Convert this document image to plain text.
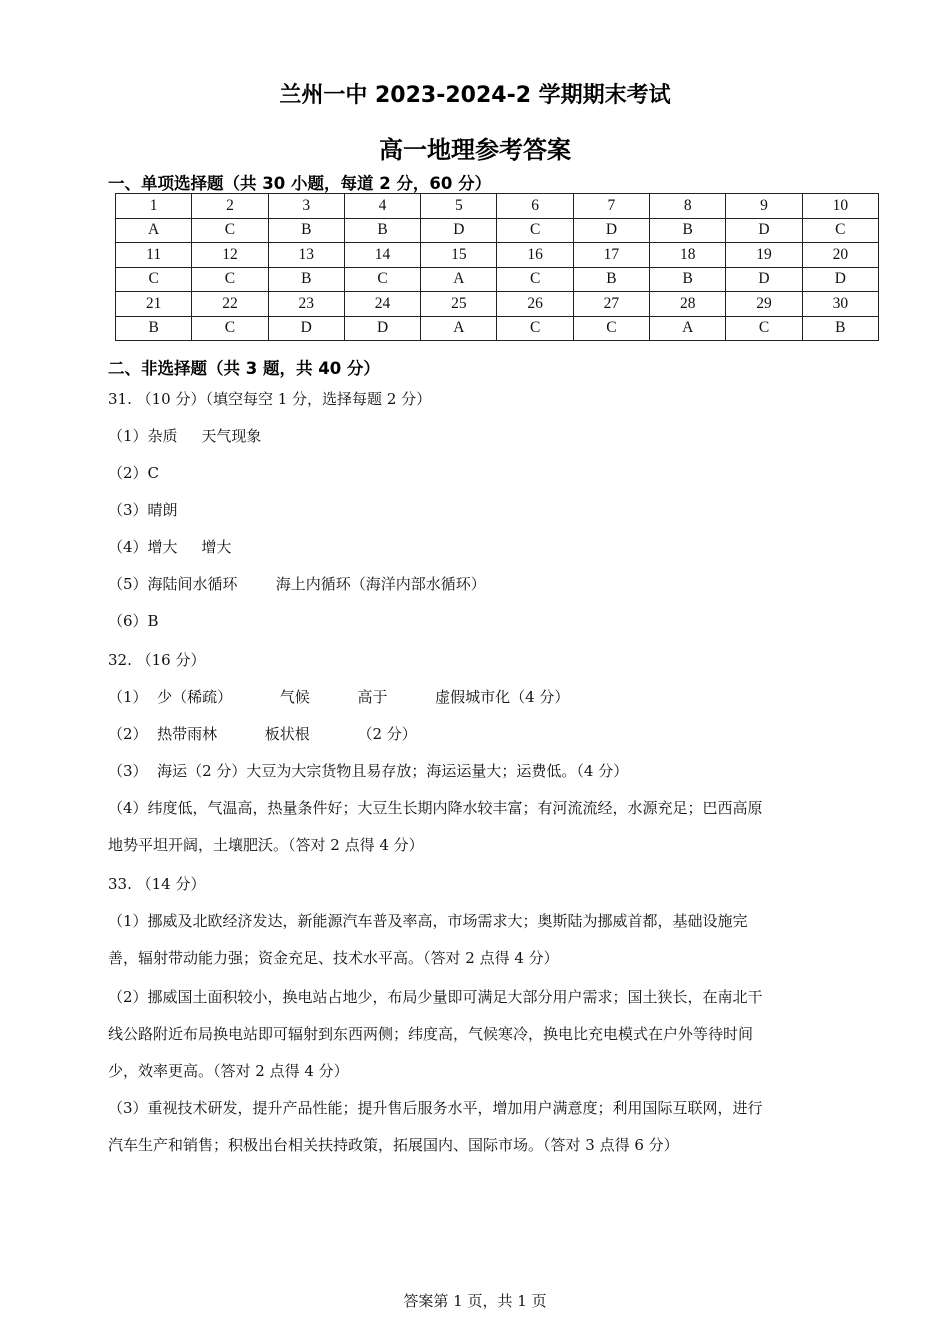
兰州一中 2023-2024-2 学期期末考试
高一地理参考答案
一、单项选择题（共 30 小题，每道 2 分，60 分）
1	2	3	4	5	6	7	8	9	10
A	C	B	B	D	C	D	B	D	C
11	12	13	14	15	16	17	18	19	20
C	C	B	C	A	C	B	B	D	D
21	22	23	24	25	26	27	28	29	30
B	C	D	D	A	C	C	A	C	B
二、非选择题（共 3 题，共 40 分）
31. （10 分）（填空每空 1 分，选择每题 2 分）
（1）杂质     天气现象
（2）C
（3）晴朗
（4）增大     增大
（5）海陆间水循环        海上内循环（海洋内部水循环）
（6）B
32. （16 分）
（1）  少（稀疏）          气候          高于          虚假城市化（4 分）
（2）  热带雨林          板状根          （2 分）
（3）  海运（2 分）大豆为大宗货物且易存放；海运运量大；运费低。（4 分）
（4）纬度低，气温高，热量条件好；大豆生长期内降水较丰富；有河流流经，水源充足；巴西高原
地势平坦开阔，土壤肥沃。（答对 2 点得 4 分）
33. （14 分）
（1）挪威及北欧经济发达，新能源汽车普及率高，市场需求大；奥斯陆为挪威首都，基础设施完
善，辐射带动能力强；资金充足、技术水平高。（答对 2 点得 4 分）
（2）挪威国土面积较小，换电站占地少，布局少量即可满足大部分用户需求；国土狭长，在南北干
线公路附近布局换电站即可辐射到东西两侧；纬度高，气候寒冷，换电比充电模式在户外等待时间
少，效率更高。（答对 2 点得 4 分）
（3）重视技术研发，提升产品性能；提升售后服务水平，增加用户满意度；利用国际互联网，进行
汽车生产和销售；积极出台相关扶持政策，拓展国内、国际市场。（答对 3 点得 6 分）
答案第 1 页，共 1 页
